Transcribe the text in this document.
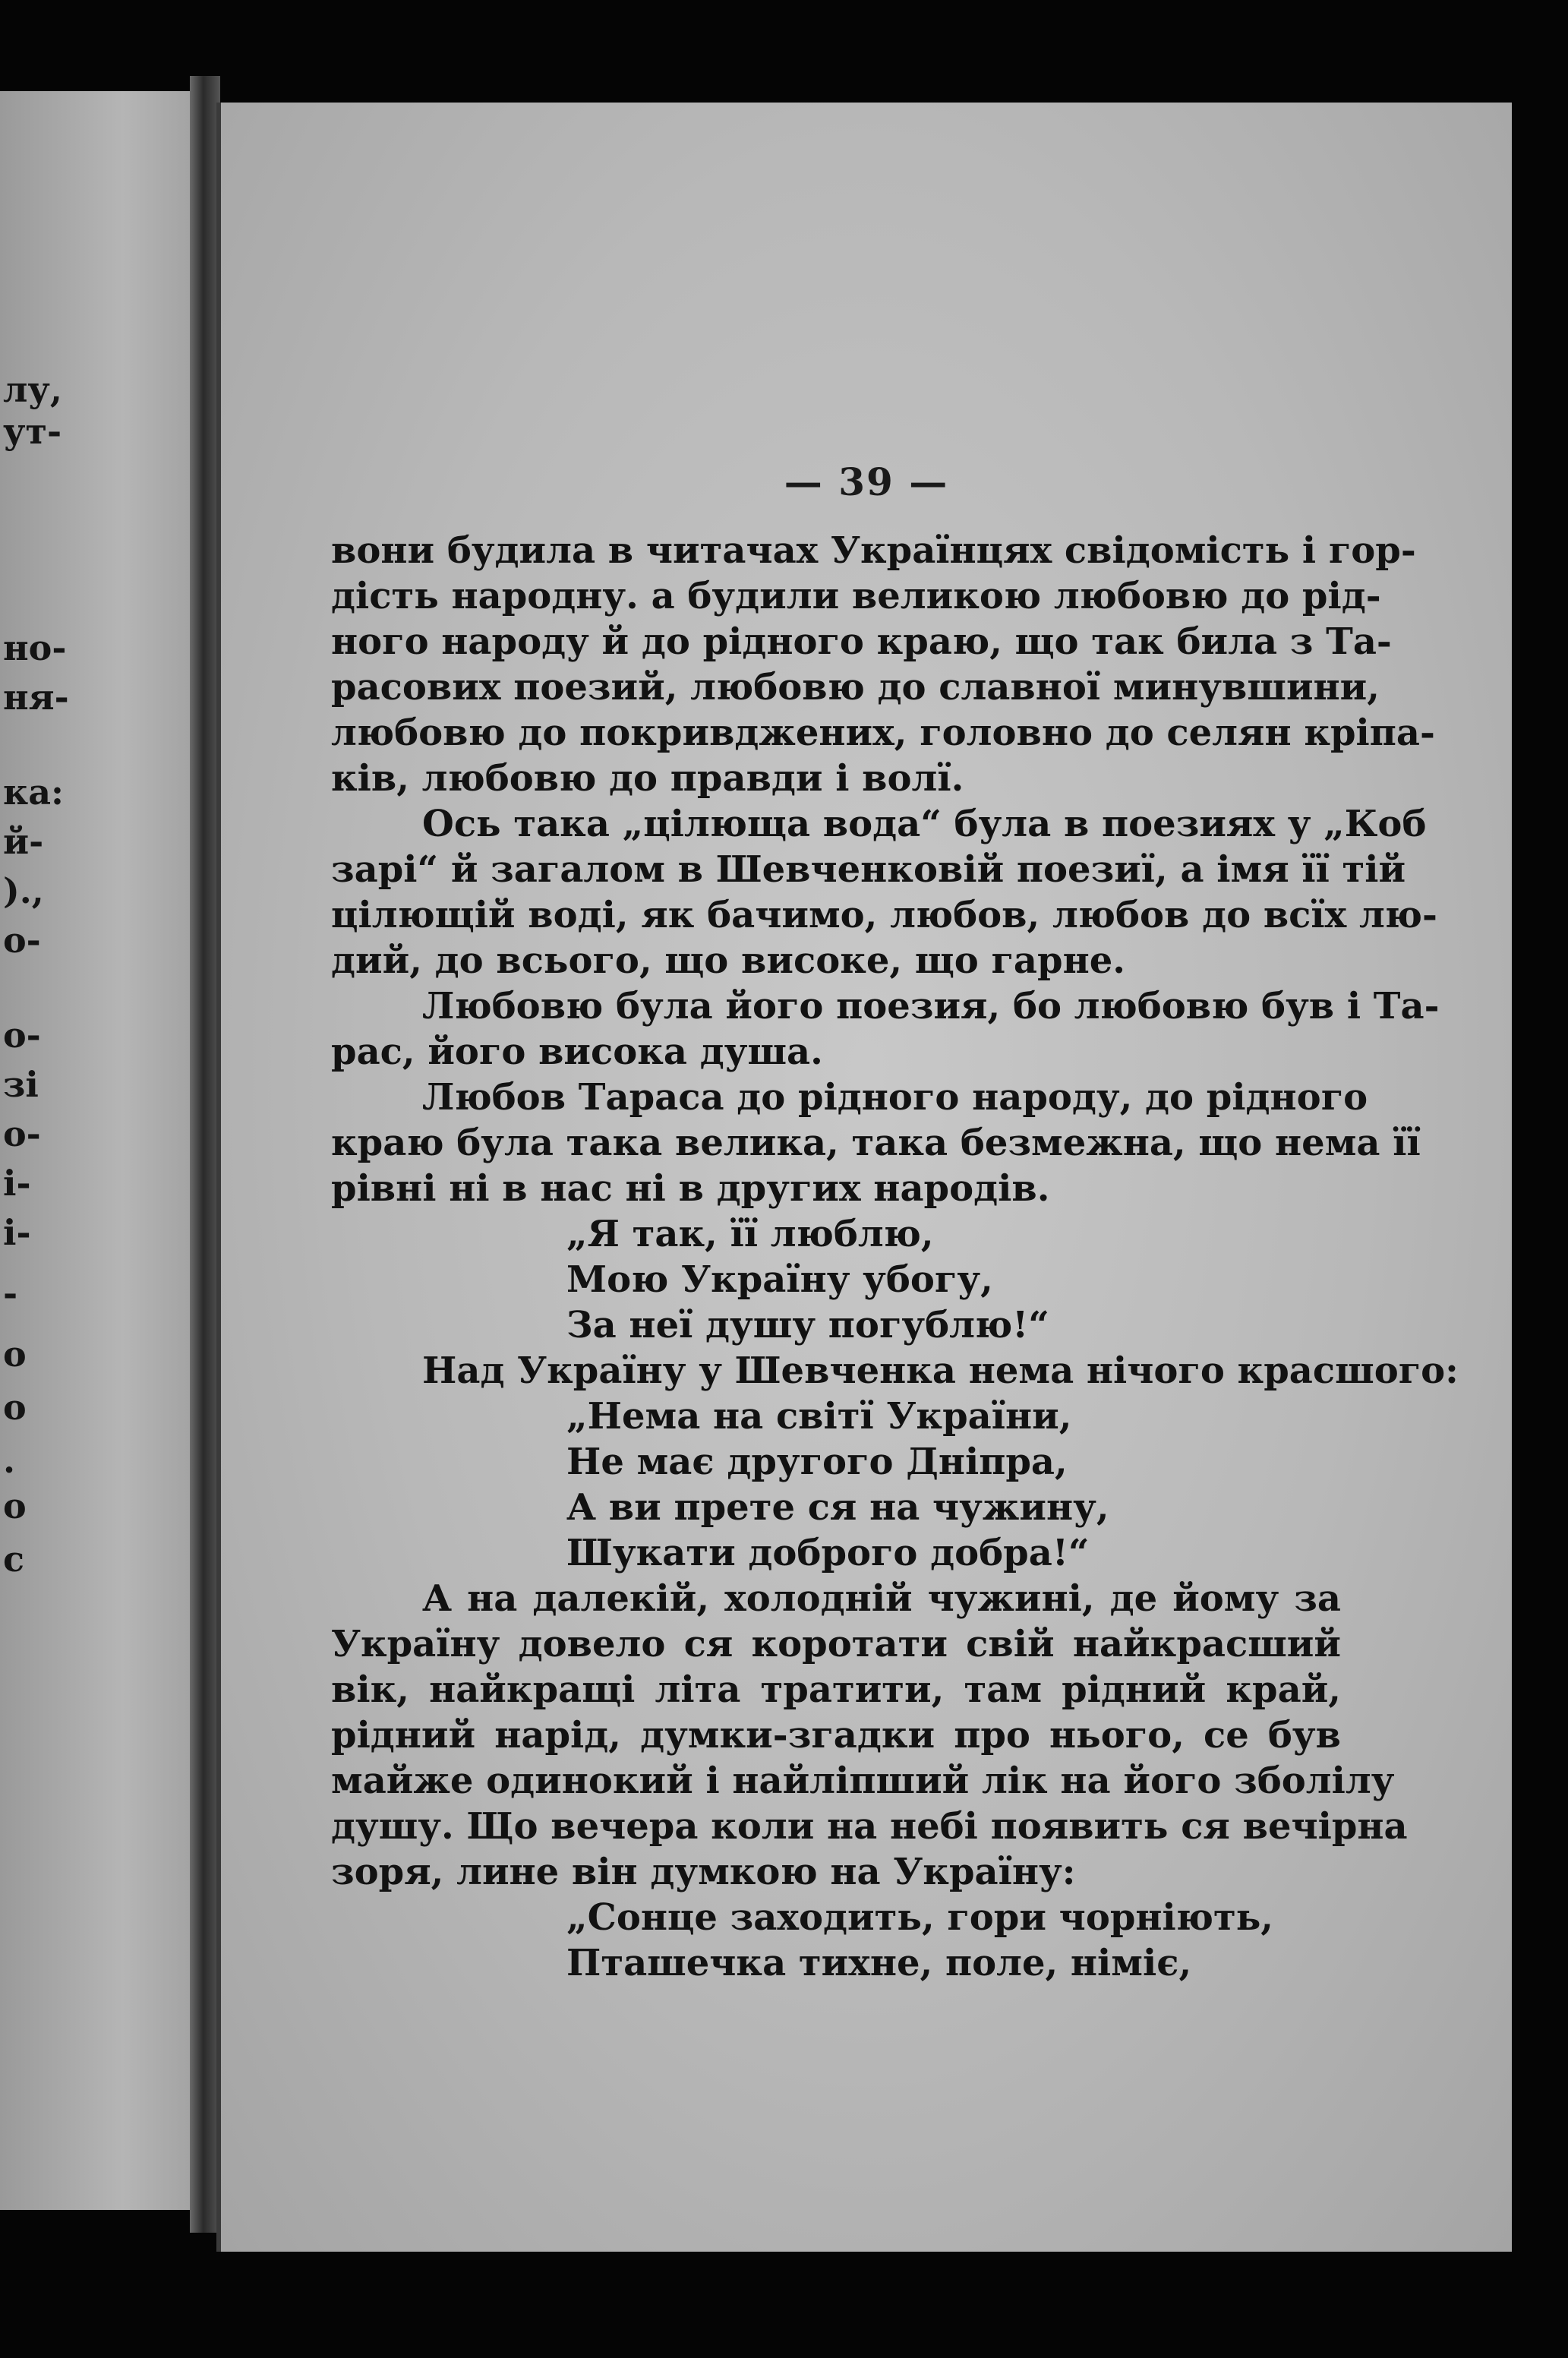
лу,
ут-
но-
ня-
ка:
й-
).,
о-
о-
зі
о-
і-
і-
-
о
о
.
о
с
— 39 —
вони будила в читачах Українцях свідомість і гор-
дість народну. а будили великою любовю до рід-
ного народу й до рідного краю, що так била з Та-
расових поезий, любовю до славної минувшини,
любовю до покривджених, головно до селян кріпа-
ків, любовю до правди і волї.
Ось така „цілюща вода“ була в поезиях у „Коб
зарі“ й загалом в Шевченковій поезиї, а імя її тій
цілющій воді, як бачимо, любов, любов до всїх лю-
дий, до всього, що високе, що гарне.
Любовю була його поезия, бо любовю був і Та-
рас, його висока душа.
Любов Тараса до рідного народу, до рідного
краю була така велика, така безмежна, що нема її
рівні ні в нас ні в других народів.
„Я так, її люблю,
Мою Україну убогу,
За неї душу погублю!“
Над Україну у Шевченка нема нічого красшого:
„Нема на світї України,
Не має другого Дніпра,
А ви прете ся на чужину,
Шукати доброго добра!“
А на далекій, холодній чужині, де йому за
Україну довело ся коротати свій найкрасший
вік, найкращі літа тратити, там рідний край,
рідний нарід, думки-згадки про нього, се був
майже одинокий і найліпший лік на його зболілу
душу. Що вечера коли на небі появить ся вечірна
зоря, лине він думкою на Україну:
„Сонце заходить, гори чорніють,
Пташечка тихне, поле, німіє,
